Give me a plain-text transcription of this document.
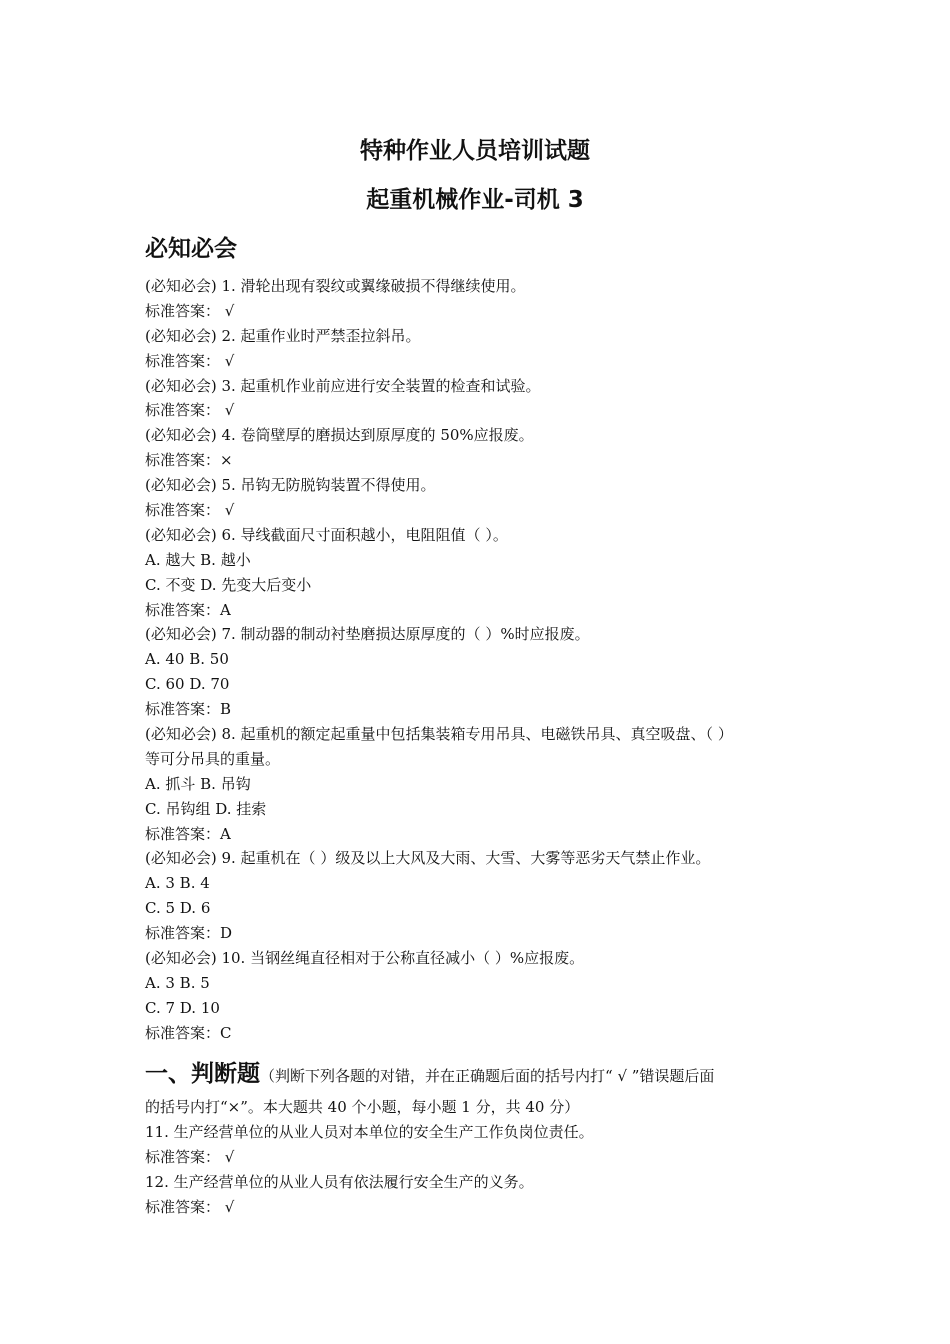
特种作业人员培训试题
起重机械作业-司机 3
必知必会
(必知必会) 1. 滑轮出现有裂纹或翼缘破损不得继续使用。
标准答案： √
(必知必会) 2. 起重作业时严禁歪拉斜吊。
标准答案： √
(必知必会) 3. 起重机作业前应进行安全装置的检查和试验。
标准答案： √
(必知必会) 4. 卷筒壁厚的磨损达到原厚度的 50%应报废。
标准答案：×
(必知必会) 5. 吊钩无防脱钩装置不得使用。
标准答案： √
(必知必会) 6. 导线截面尺寸面积越小，电阻阻值（ ）。
A. 越大 B. 越小
C. 不变 D. 先变大后变小
标准答案：A
(必知必会) 7. 制动器的制动衬垫磨损达原厚度的（ ）%时应报废。
A. 40 B. 50
C. 60 D. 70
标准答案：B
(必知必会) 8. 起重机的额定起重量中包括集装箱专用吊具、电磁铁吊具、真空吸盘、（ ）
等可分吊具的重量。
A. 抓斗 B. 吊钩
C. 吊钩组 D. 挂索
标准答案：A
(必知必会) 9. 起重机在（ ）级及以上大风及大雨、大雪、大雾等恶劣天气禁止作业。
A. 3 B. 4
C. 5 D. 6
标准答案：D
(必知必会) 10. 当钢丝绳直径相对于公称直径减小（ ）%应报废。
A. 3 B. 5
C. 7 D. 10
标准答案：C

一、判断题（判断下列各题的对错，并在正确题后面的括号内打“ √ ”错误题后面

的括号内打“×”。本大题共 40 个小题，每小题 1 分，共 40 分）
11. 生产经营单位的从业人员对本单位的安全生产工作负岗位责任。
标准答案： √
12. 生产经营单位的从业人员有依法履行安全生产的义务。
标准答案： √
